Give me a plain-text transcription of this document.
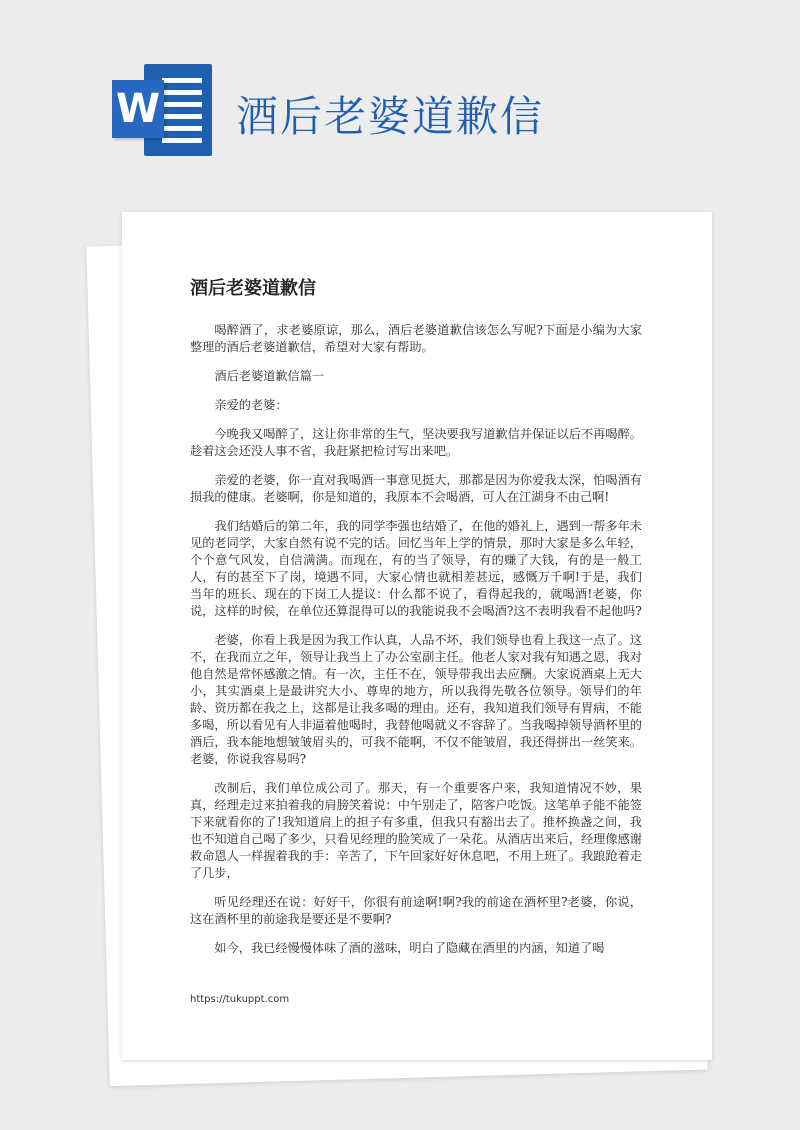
W 酒后老婆道歉信
酒后老婆道歉信

喝醉酒了，求老婆原谅，那么，酒后老婆道歉信该怎么写呢?下面是小编为大家整理的酒后老婆道歉信，希望对大家有帮助。

酒后老婆道歉信篇一

亲爱的老婆：

今晚我又喝醉了，这让你非常的生气，坚决要我写道歉信并保证以后不再喝醉。趁着这会还没人事不省，我赶紧把检讨写出来吧。

亲爱的老婆，你一直对我喝酒一事意见挺大，那都是因为你爱我太深，怕喝酒有损我的健康。老婆啊，你是知道的，我原本不会喝酒，可人在江湖身不由己啊!

我们结婚后的第二年，我的同学李强也结婚了，在他的婚礼上，遇到一帮多年未见的老同学，大家自然有说不完的话。回忆当年上学的情景，那时大家是多么年轻，个个意气风发，自信满满。而现在，有的当了领导，有的赚了大钱，有的是一般工人，有的甚至下了岗，境遇不同，大家心情也就相差甚远，感慨万千啊!于是，我们当年的班长、现在的下岗工人提议：什么都不说了，看得起我的，就喝酒!老婆，你说，这样的时候，在单位还算混得可以的我能说我不会喝酒?这不表明我看不起他吗?

老婆，你看上我是因为我工作认真，人品不坏，我们领导也看上我这一点了。这不，在我而立之年，领导让我当上了办公室副主任。他老人家对我有知遇之恩，我对他自然是常怀感激之情。有一次，主任不在，领导带我出去应酬。大家说酒桌上无大小，其实酒桌上是最讲究大小、尊卑的地方，所以我得先敬各位领导。领导们的年龄、资历都在我之上，这都是让我多喝的理由。还有，我知道我们领导有胃病，不能多喝，所以看见有人非逼着他喝时，我替他喝就义不容辞了。当我喝掉领导酒杯里的酒后，我本能地想皱皱眉头的，可我不能啊，不仅不能皱眉，我还得拼出一丝笑来。老婆，你说我容易吗?

改制后，我们单位成公司了。那天，有一个重要客户来，我知道情况不妙，果真，经理走过来拍着我的肩膀笑着说：中午别走了，陪客户吃饭。这笔单子能不能签下来就看你的了!我知道肩上的担子有多重，但我只有豁出去了。推杯换盏之间，我也不知道自己喝了多少，只看见经理的脸笑成了一朵花。从酒店出来后，经理像感谢救命恩人一样握着我的手：辛苦了，下午回家好好休息吧，不用上班了。我踉跄着走了几步，

听见经理还在说：好好干，你很有前途啊!啊?我的前途在酒杯里?老婆，你说，这在酒杯里的前途我是要还是不要啊?

如今，我已经慢慢体味了酒的滋味，明白了隐藏在酒里的内涵，知道了喝

https://tukuppt.com
